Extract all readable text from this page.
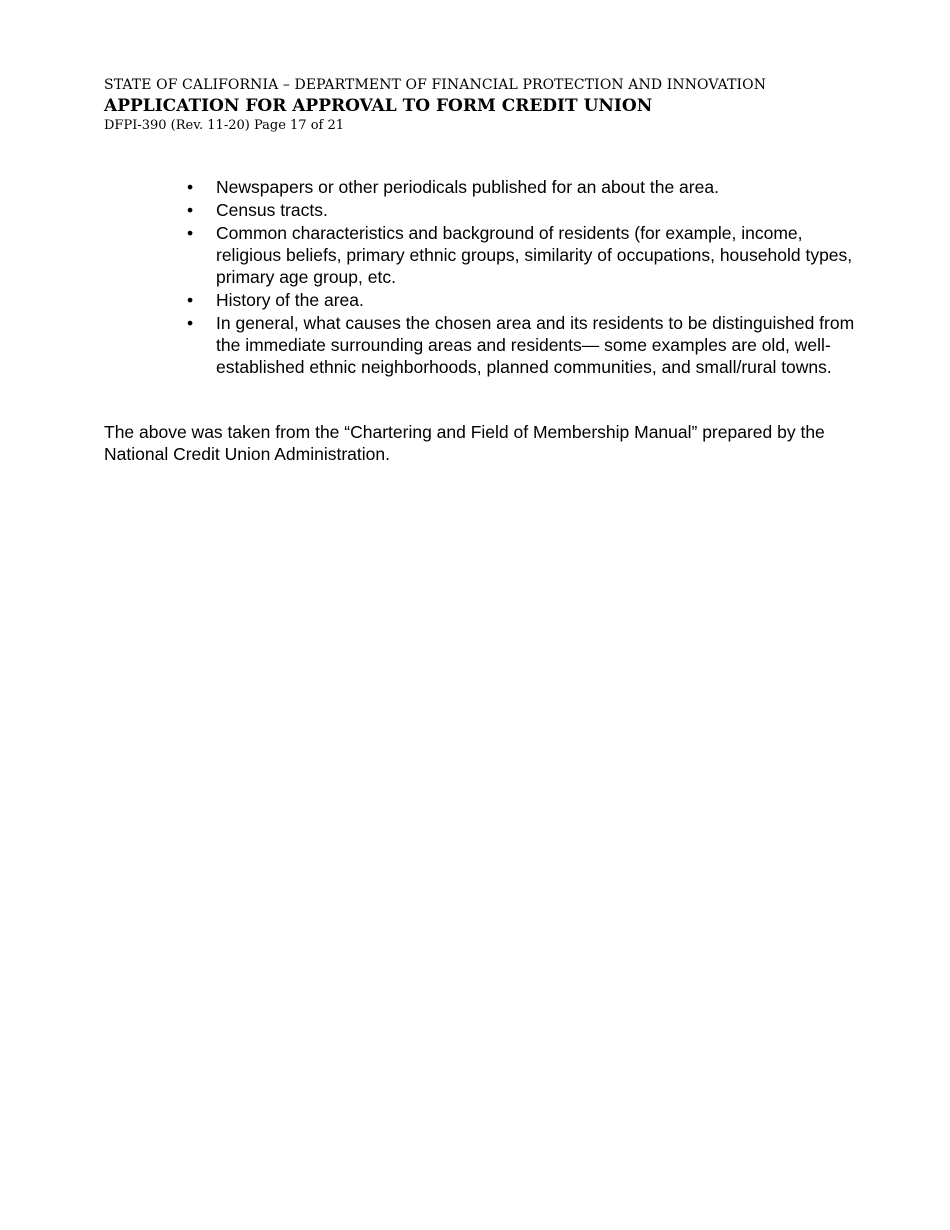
STATE OF CALIFORNIA – DEPARTMENT OF FINANCIAL PROTECTION AND INNOVATION
APPLICATION FOR APPROVAL TO FORM CREDIT UNION
DFPI-390 (Rev. 11-20) Page 17 of 21
•	Newspapers or other periodicals published for an about the area.
•	Census tracts.
•	Common characteristics and background of residents (for example, income, religious beliefs, primary ethnic groups, similarity of occupations, household types, primary age group, etc.
•	History of the area.
•	In general, what causes the chosen area and its residents to be distinguished from the immediate surrounding areas and residents— some examples are old, well-established ethnic neighborhoods, planned communities, and small/rural towns.

The above was taken from the “Chartering and Field of Membership Manual” prepared by the National Credit Union Administration.
